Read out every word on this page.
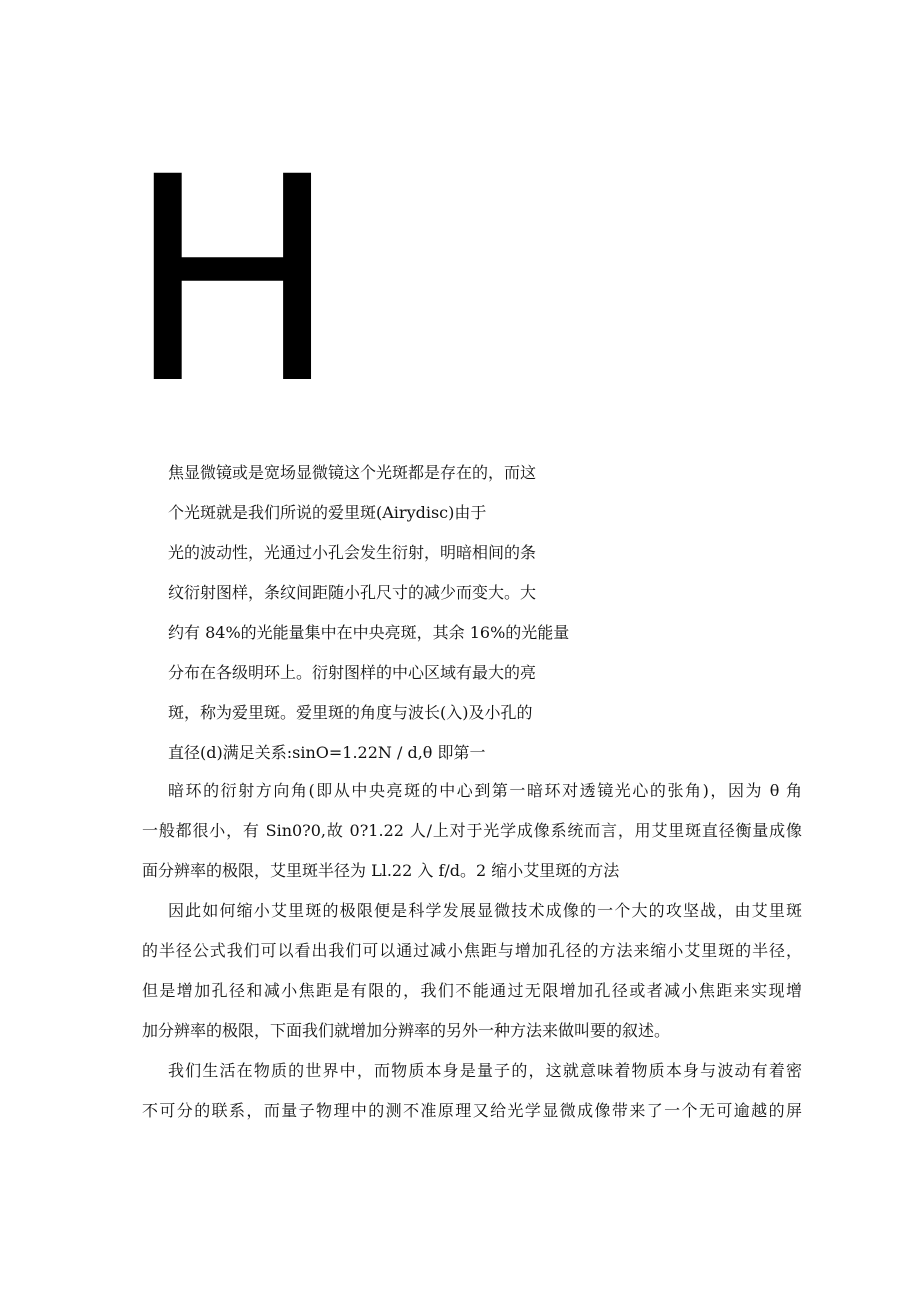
H

焦显微镜或是宽场显微镜这个光斑都是存在的，而这

个光斑就是我们所说的爱里斑(Airydisc)由于

光的波动性，光通过小孔会发生衍射，明暗相间的条

纹衍射图样，条纹间距随小孔尺寸的减少而变大。大

约有 84%的光能量集中在中央亮斑，其余 16%的光能量

分布在各级明环上。衍射图样的中心区域有最大的亮

斑，称为爱里斑。爱里斑的角度与波长(入)及小孔的

直径(d)满足关系:sinO=1.22N / d,θ 即第一

暗环的衍射方向角(即从中央亮斑的中心到第一暗环对透镜光心的张角)，因为 θ 角

一般都很小，有 Sin0?0,故 0?1.22 人/上对于光学成像系统而言，用艾里斑直径衡量成像

面分辨率的极限，艾里斑半径为 Ll.22 入 f/d。2 缩小艾里斑的方法

因此如何缩小艾里斑的极限便是科学发展显微技术成像的一个大的攻坚战，由艾里斑

的半径公式我们可以看出我们可以通过减小焦距与增加孔径的方法来缩小艾里斑的半径，

但是增加孔径和减小焦距是有限的，我们不能通过无限增加孔径或者减小焦距来实现增

加分辨率的极限，下面我们就增加分辨率的另外一种方法来做叫要的叙述。

我们生活在物质的世界中，而物质本身是量子的，这就意味着物质本身与波动有着密

不可分的联系，而量子物理中的测不准原理又给光学显微成像带来了一个无可逾越的屏
